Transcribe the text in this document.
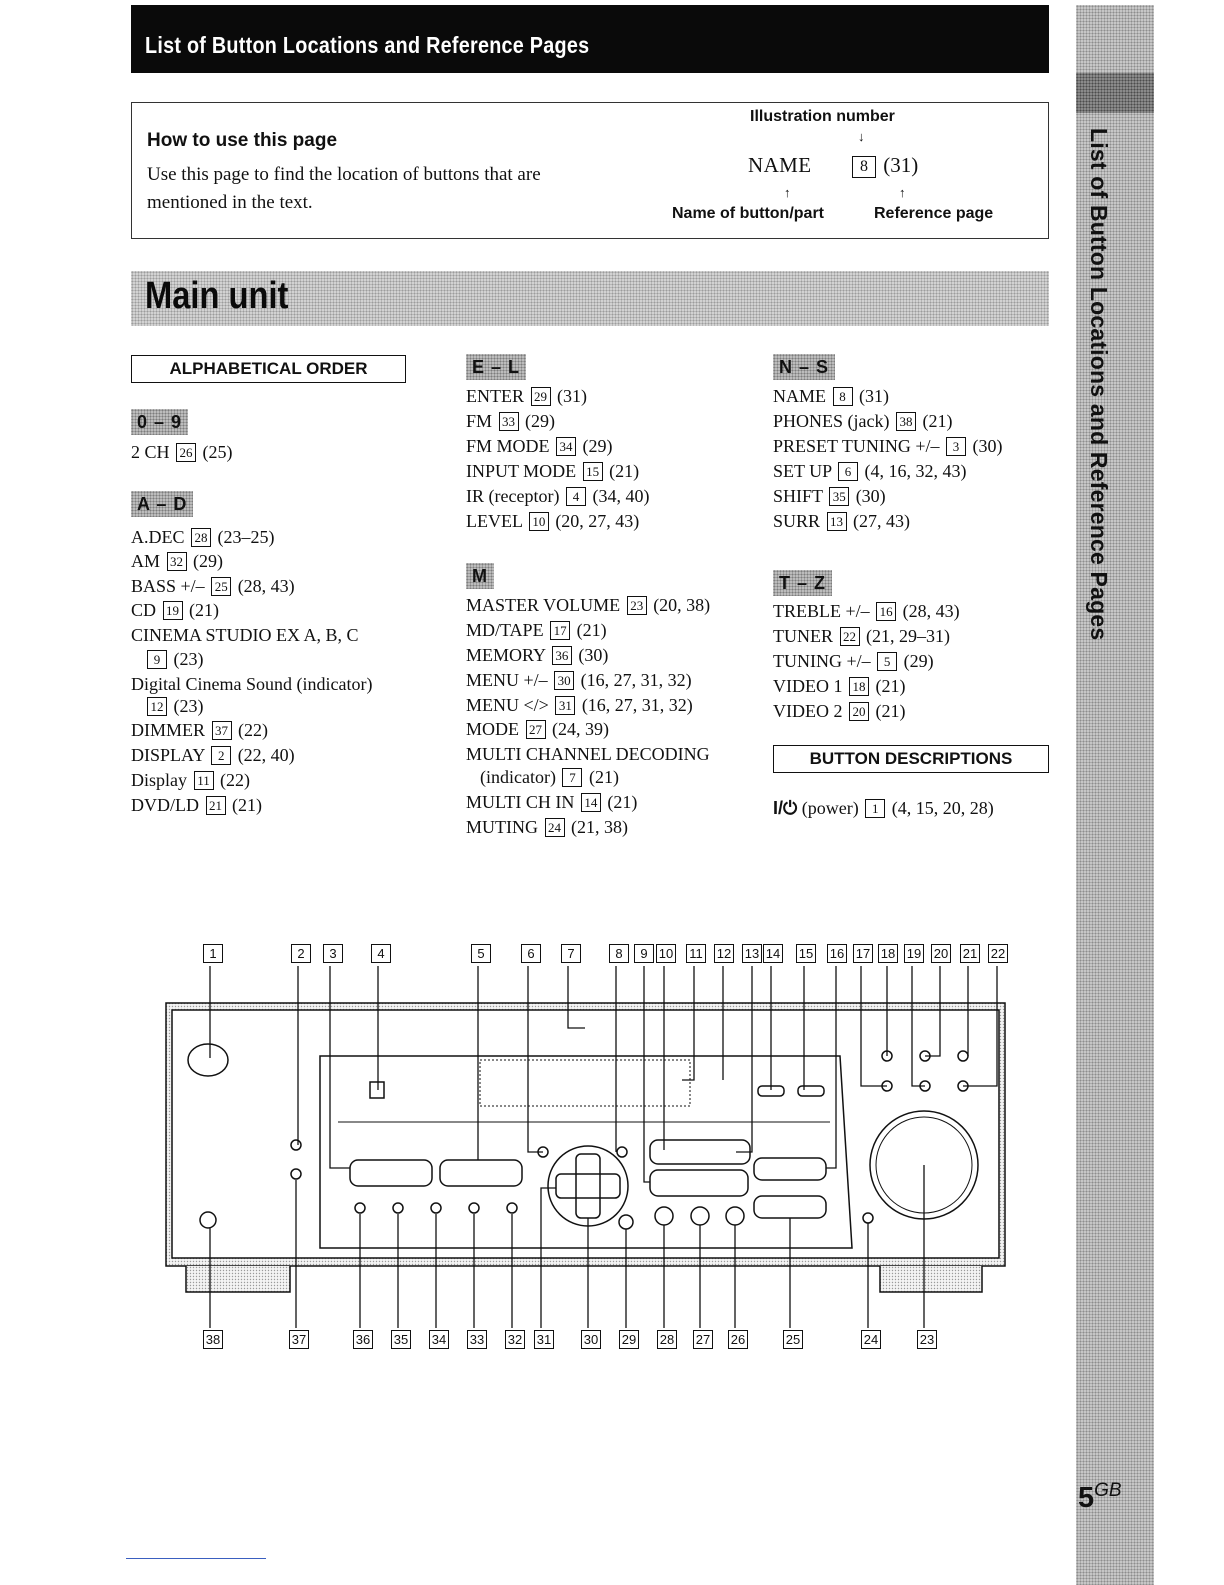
List of Button Locations and Reference Pages
List of Button Locations and Reference Pages
$5^{GB}$
How to use this page
Use this page to find the location of buttons that are mentioned in the text.
Illustration number
↓
NAME	8 (31)
↑	↑
Name of button/part	Reference page
Main unit
ALPHABETICAL ORDER
BUTTON DESCRIPTIONS
0 – 9
A – D
E – L
M
N – S
T – Z
2 CH 26 (25)
A.DEC 28 (23–25)
AM 32 (29)
BASS +/– 25 (28, 43)
CD 19 (21)
CINEMA STUDIO EX A, B, C
9 (23)
Digital Cinema Sound (indicator)
12 (23)
DIMMER 37 (22)
DISPLAY 2 (22, 40)
Display 11 (22)
DVD/LD 21 (21)
ENTER 29 (31)
FM 33 (29)
FM MODE 34 (29)
INPUT MODE 15 (21)
IR (receptor) 4 (34, 40)
LEVEL 10 (20, 27, 43)
MASTER VOLUME 23 (20, 38)
MD/TAPE 17 (21)
MEMORY 36 (30)
MENU +/– 30 (16, 27, 31, 32)
MENU </> 31 (16, 27, 31, 32)
MODE 27 (24, 39)
MULTI CHANNEL DECODING
(indicator) 7 (21)
MULTI CH IN 14 (21)
MUTING 24 (21, 38)
NAME 8 (31)
PHONES (jack) 38 (21)
PRESET TUNING +/– 3 (30)
SET UP 6 (4, 16, 32, 43)
SHIFT 35 (30)
SURR 13 (27, 43)
TREBLE +/– 16 (28, 43)
TUNER 22 (21, 29–31)
TUNING +/– 5 (29)
VIDEO 1 18 (21)
VIDEO 2 20 (21)
I/⏻ (power) 1 (4, 15, 20, 28)
1	2	3	4	5	6	7	8	9 10 11 12 13 14 15 16 17 18 19 20 21 22
38	37	36 35 34 33 32 31	30 29 28 27 26	25	24	23
